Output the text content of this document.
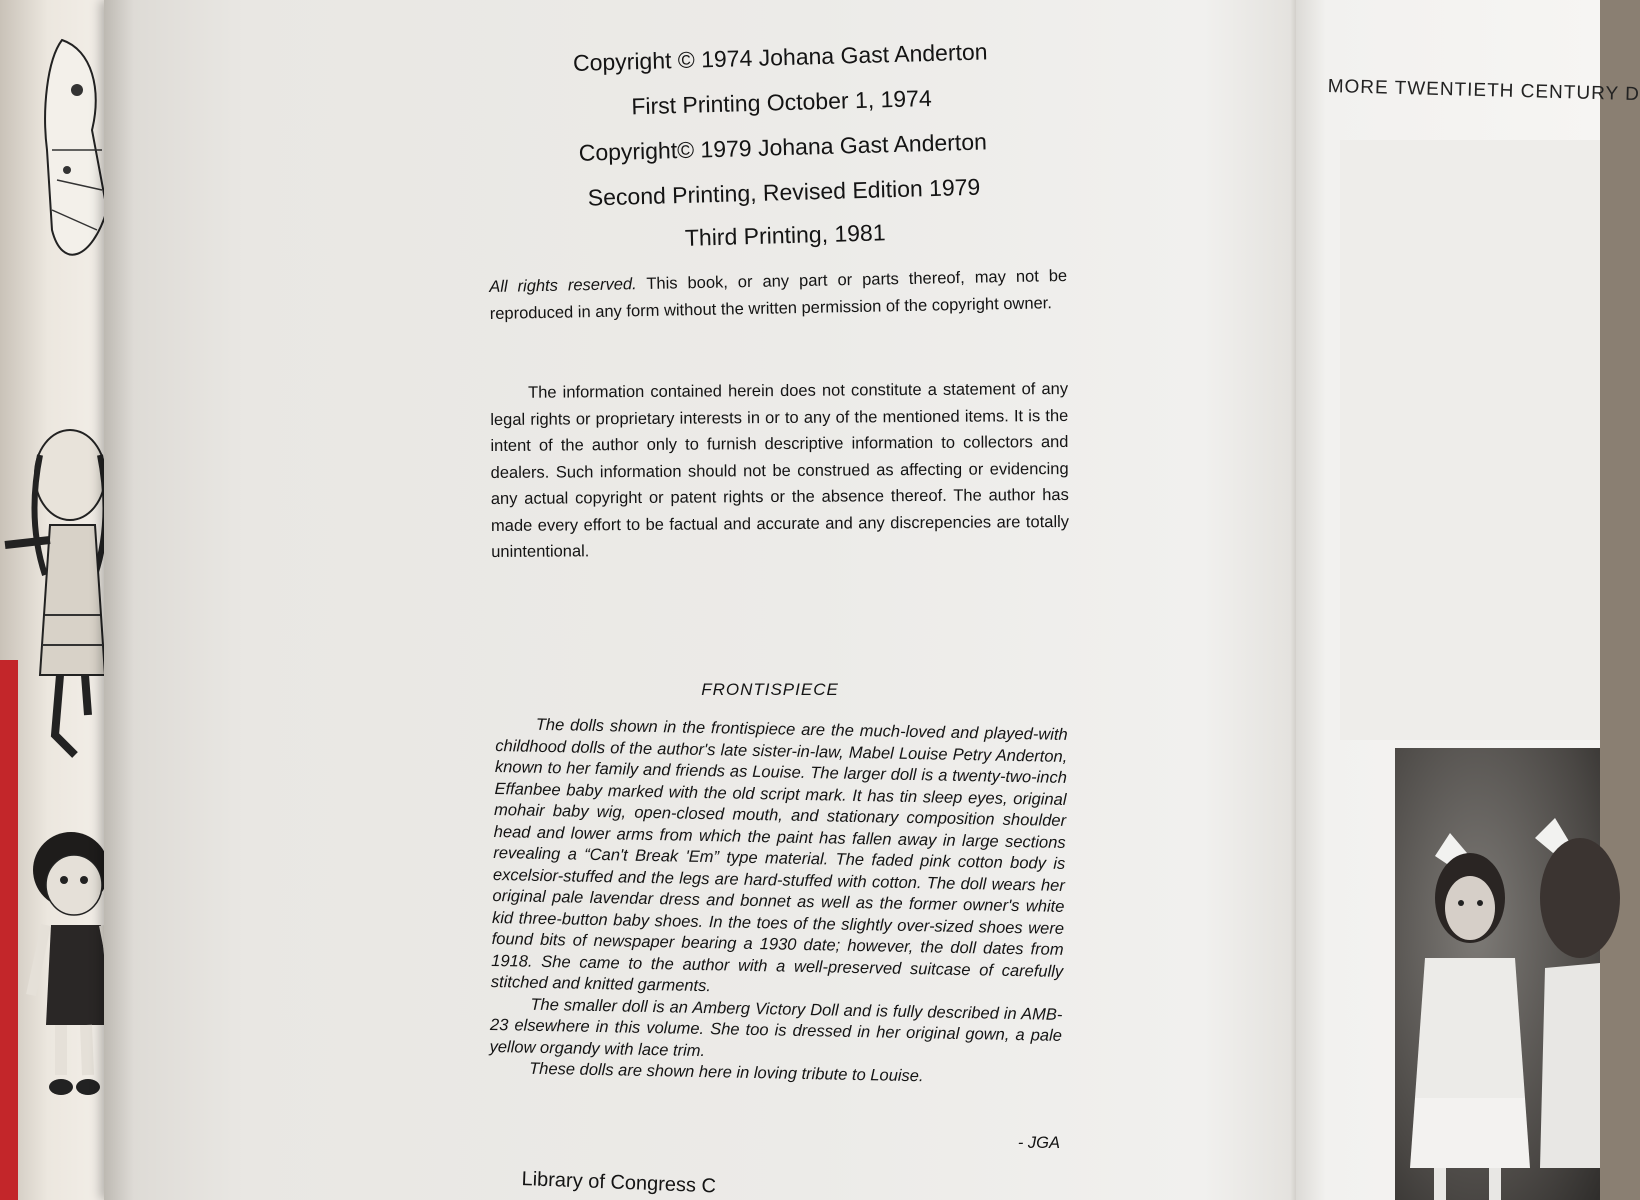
MORE TWENTIETH CENTURY D
Copyright © 1974 Johana Gast Anderton
First Printing October 1, 1974
Copyright© 1979 Johana Gast Anderton
Second Printing, Revised Edition 1979
Third Printing, 1981
All rights reserved. This book, or any part or parts thereof, may not be reproduced in any form without the written permission of the copyright owner.
The information contained herein does not constitute a statement of any legal rights or proprietary interests in or to any of the mentioned items. It is the intent of the author only to furnish descriptive information to collectors and dealers. Such information should not be construed as affecting or evidencing any actual copyright or patent rights or the absence thereof. The author has made every effort to be factual and accurate and any discrepencies are totally unintentional.
FRONTISPIECE

The dolls shown in the frontispiece are the much-loved and played-with childhood dolls of the author's late sister-in-law, Mabel Louise Petry Anderton, known to her family and friends as Louise. The larger doll is a twenty-two-inch Effanbee baby marked with the old script mark. It has tin sleep eyes, original mohair baby wig, open-closed mouth, and stationary composition shoulder head and lower arms from which the paint has fallen away in large sections revealing a “Can't Break 'Em” type material. The faded pink cotton body is excelsior-stuffed and the legs are hard-stuffed with cotton. The doll wears her original pale lavendar dress and bonnet as well as the former owner's white kid three-button baby shoes. In the toes of the slightly over-sized shoes were found bits of newspaper bearing a 1930 date; however, the doll dates from 1918. She came to the author with a well-preserved suitcase of carefully stitched and knitted garments.

The smaller doll is an Amberg Victory Doll and is fully described in AMB-23 elsewhere in this volume. She too is dressed in her original gown, a pale yellow organdy with lace trim.

These dolls are shown here in loving tribute to Louise.

- JGA
Library of Congress C
